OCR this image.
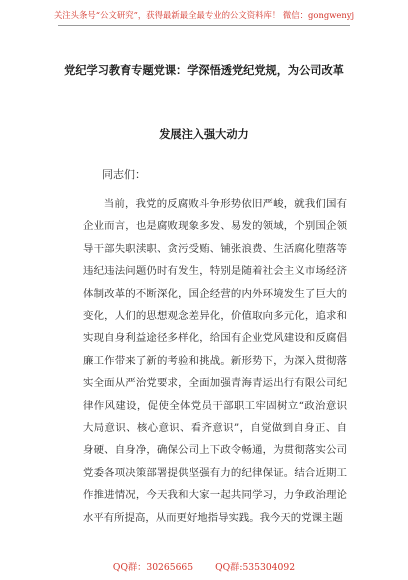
关注头条号“公文研究”，获得最新最全最专业的公文资料库！ 微信：gongwenyj
党纪学习教育专题党课：学深悟透党纪党规，为公司改革
发展注入强大动力
同志们：

当前，我党的反腐败斗争形势依旧严峻，就我们国有企业而言，也是腐败现象多发、易发的领域，个别国企领导干部失职渎职、贪污受贿、铺张浪费、生活腐化堕落等违纪违法问题仍时有发生，特别是随着社会主义市场经济体制改革的不断深化，国企经营的内外环境发生了巨大的变化，人们的思想观念差异化，价值取向多元化，追求和实现自身利益途径多样化，给国有企业党风建设和反腐倡廉工作带来了新的考验和挑战。新形势下，为深入贯彻落实全面从严治党要求，全面加强青海青运出行有限公司纪律作风建设，促使全体党员干部职工牢固树立“政治意识大局意识、核心意识、看齐意识”，自觉做到自身正、自身硬、自身净，确保公司上下政令畅通，为贯彻落实公司党委各项决策部署提供坚强有力的纪律保证。结合近期工作推进情况，今天我和大家一起共同学习，力争政治理论水平有所提高，从而更好地指导实践。我今天的党课主题

QQ群：30265665 QQ群:535304092
